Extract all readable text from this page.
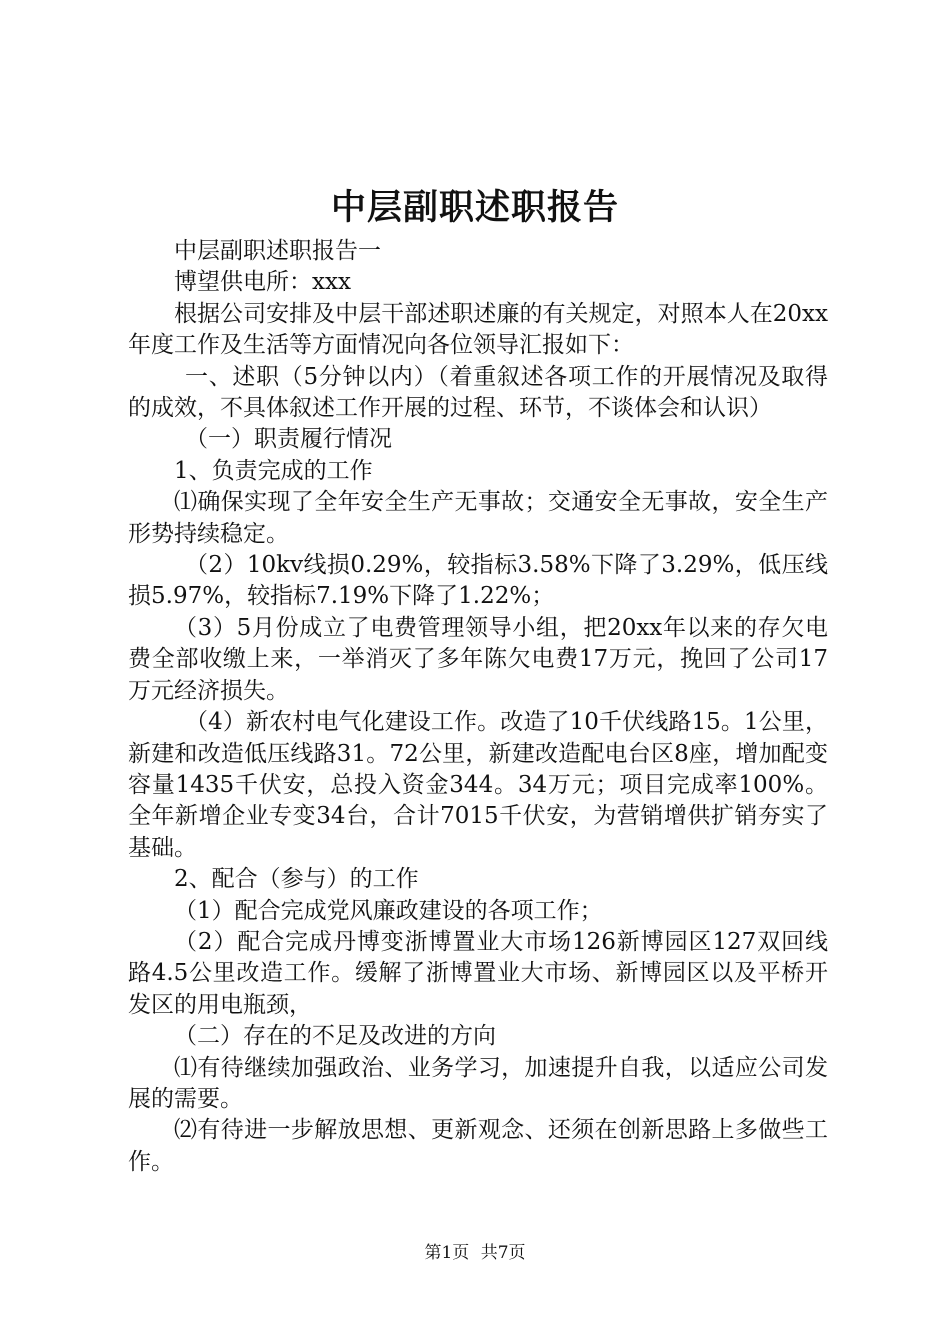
中层副职述职报告

中层副职述职报告一

博望供电所：xxx

根据公司安排及中层干部述职述廉的有关规定，对照本人在20xx年度工作及生活等方面情况向各位领导汇报如下：

一、述职（5分钟以内）（着重叙述各项工作的开展情况及取得的成效，不具体叙述工作开展的过程、环节，不谈体会和认识）

（一）职责履行情况

1、负责完成的工作

⑴确保实现了全年安全生产无事故；交通安全无事故，安全生产形势持续稳定。

（2）10kv线损0.29%，较指标3.58%下降了3.29%，低压线损5.97%，较指标7.19%下降了1.22%；

（3）5月份成立了电费管理领导小组，把20xx年以来的存欠电费全部收缴上来，一举消灭了多年陈欠电费17万元，挽回了公司17万元经济损失。

（4）新农村电气化建设工作。改造了10千伏线路15。1公里，新建和改造低压线路31。72公里，新建改造配电台区8座，增加配变容量1435千伏安，总投入资金344。34万元；项目完成率100%。全年新增企业专变34台，合计7015千伏安，为营销增供扩销夯实了基础。

2、配合（参与）的工作

（1）配合完成党风廉政建设的各项工作；

（2）配合完成丹博变浙博置业大市场126新博园区127双回线路4.5公里改造工作。缓解了浙博置业大市场、新博园区以及平桥开发区的用电瓶颈，

（二）存在的不足及改进的方向

⑴有待继续加强政治、业务学习，加速提升自我，以适应公司发展的需要。

⑵有待进一步解放思想、更新观念、还须在创新思路上多做些工作。

第1页 共7页
